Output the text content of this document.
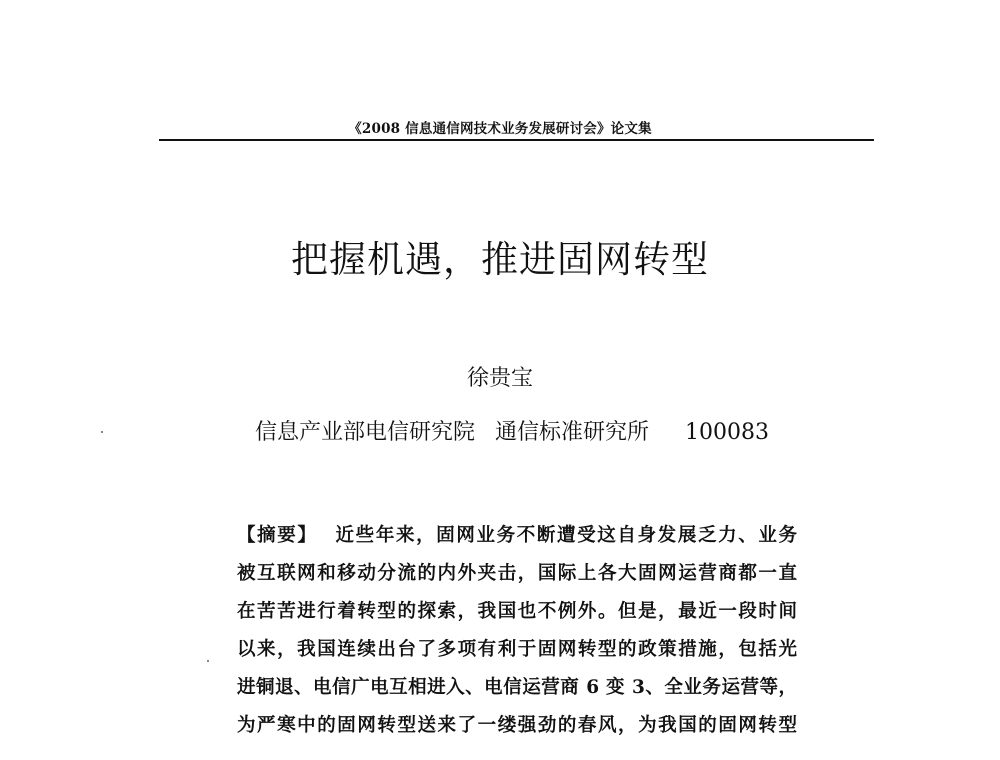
《2008 信息通信网技术业务发展研讨会》论文集
把握机遇，推进固网转型
徐贵宝
信息产业部电信研究院 通信标准研究所 100083
【摘要】 近些年来，固网业务不断遭受这自身发展乏力、业务
被互联网和移动分流的内外夹击，国际上各大固网运营商都一直
在苦苦进行着转型的探索，我国也不例外。但是，最近一段时间
以来，我国连续出台了多项有利于固网转型的政策措施，包括光
进铜退、电信广电互相进入、电信运营商 6 变 3、全业务运营等，
为严寒中的固网转型送来了一缕强劲的春风，为我国的固网转型
